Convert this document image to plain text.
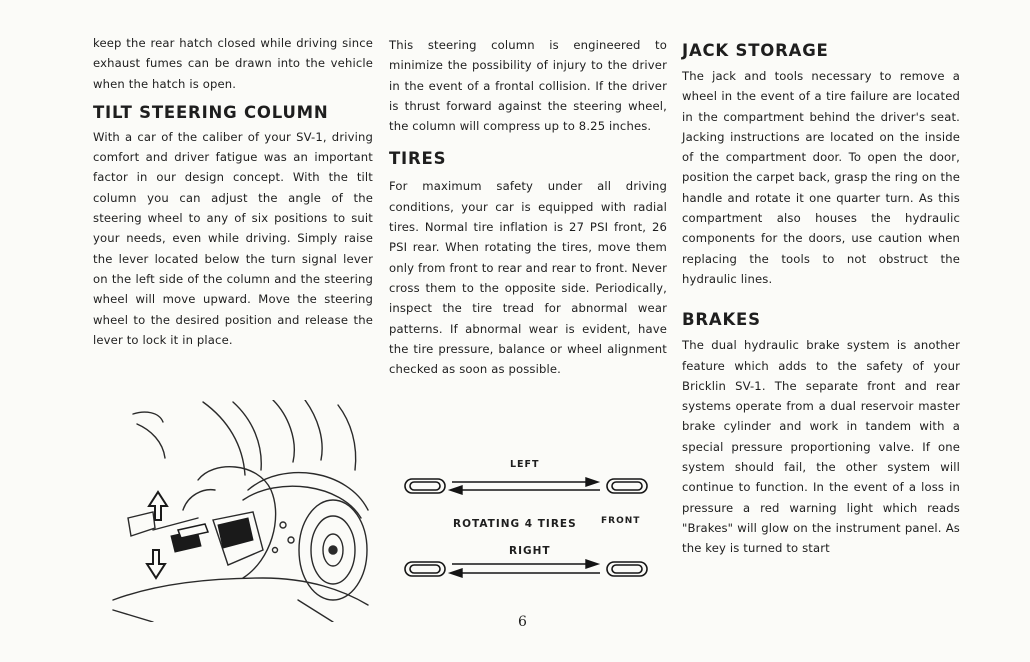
keep the rear hatch closed while driving since exhaust fumes can be drawn into the vehicle when the hatch is open.

TILT STEERING COLUMN

With a car of the caliber of your SV-1, driving comfort and driver fatigue was an important factor in our design concept. With the tilt column you can adjust the angle of the steering wheel to any of six positions to suit your needs, even while driving. Simply raise the lever located below the turn signal lever on the left side of the column and the steering wheel will move upward. Move the steering wheel to the desired position and release the lever to lock it in place.

This steering column is engineered to minimize the possibility of injury to the driver in the event of a frontal collision. If the driver is thrust forward against the steering wheel, the column will compress up to 8.25 inches.

TIRES

For maximum safety under all driving conditions, your car is equipped with radial tires. Normal tire inflation is 27 PSI front, 26 PSI rear. When rotating the tires, move them only from front to rear and rear to front. Never cross them to the opposite side. Periodically, inspect the tire tread for abnormal wear patterns. If abnormal wear is evident, have the tire pressure, balance or wheel alignment checked as soon as possible.

JACK STORAGE

The jack and tools necessary to remove a wheel in the event of a tire failure are located in the compartment behind the driver's seat. Jacking instructions are located on the inside of the compartment door. To open the door, position the carpet back, grasp the ring on the handle and rotate it one quarter turn. As this compartment also houses the hydraulic components for the doors, use caution when replacing the tools to not obstruct the hydraulic lines.

BRAKES

The dual hydraulic brake system is another feature which adds to the safety of your Bricklin SV-1. The separate front and rear systems operate from a dual reservoir master brake cylinder and work in tandem with a special pressure proportioning valve. If one system should fail, the other system will continue to function. In the event of a loss in pressure a red warning light which reads "Brakes" will glow on the instrument panel. As the key is turned to start

LEFT
ROTATING 4 TIRES	FRONT
RIGHT
6
